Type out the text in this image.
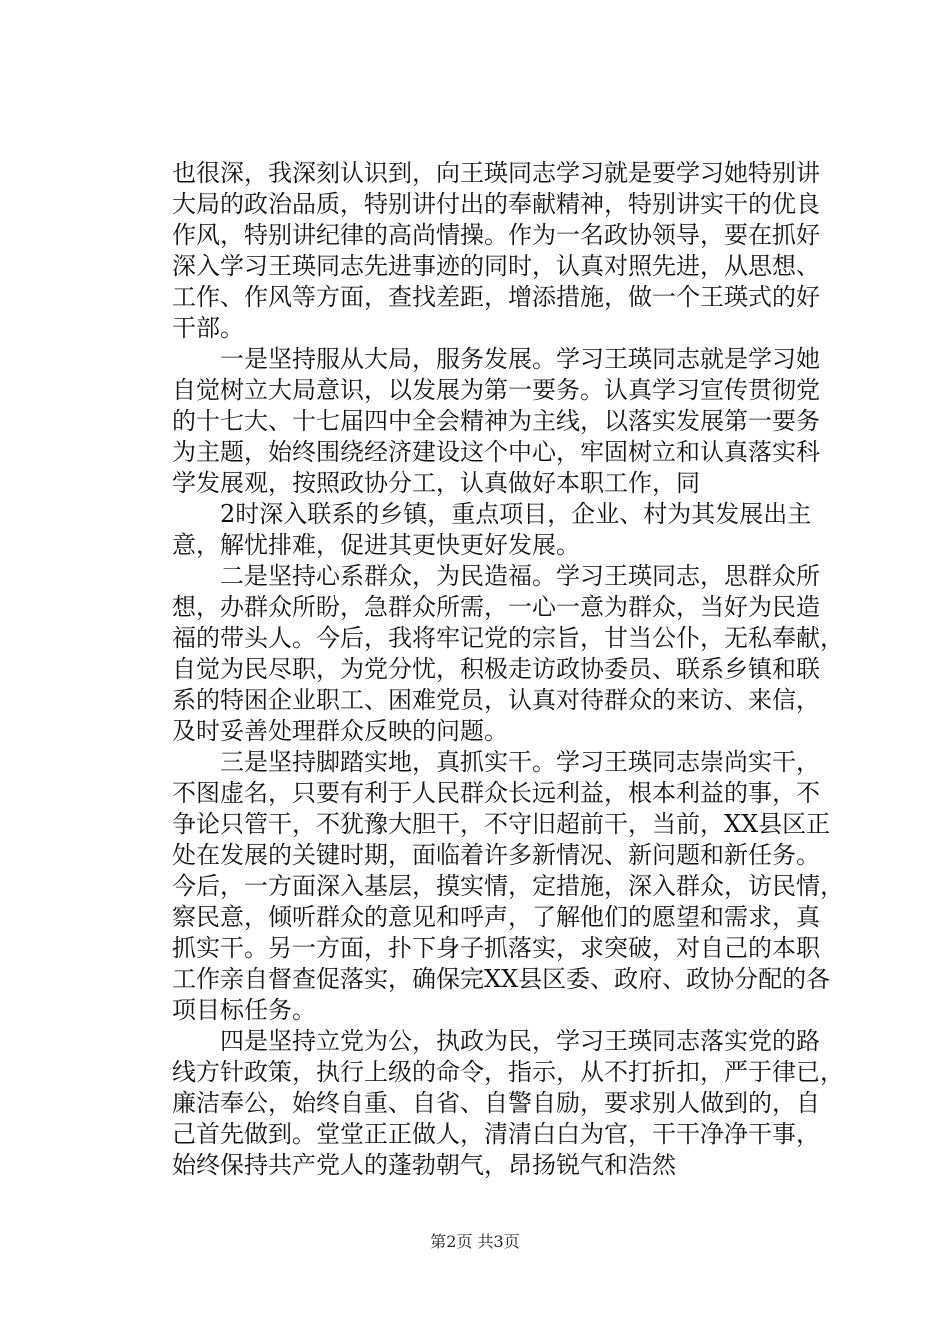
也很深，我深刻认识到，向王瑛同志学习就是要学习她特别讲
大局的政治品质，特别讲付出的奉献精神，特别讲实干的优良
作风，特别讲纪律的高尚情操。作为一名政协领导，要在抓好
深入学习王瑛同志先进事迹的同时，认真对照先进，从思想、
工作、作风等方面，查找差距，增添措施，做一个王瑛式的好
干部。
　　一是坚持服从大局，服务发展。学习王瑛同志就是学习她
自觉树立大局意识，以发展为第一要务。认真学习宣传贯彻党
的十七大、十七届四中全会精神为主线，以落实发展第一要务
为主题，始终围绕经济建设这个中心，牢固树立和认真落实科
学发展观，按照政协分工，认真做好本职工作，同
　　2时深入联系的乡镇，重点项目，企业、村为其发展出主
意，解忧排难，促进其更快更好发展。
　　二是坚持心系群众，为民造福。学习王瑛同志，思群众所
想，办群众所盼，急群众所需，一心一意为群众，当好为民造
福的带头人。今后，我将牢记党的宗旨，甘当公仆，无私奉献，
自觉为民尽职，为党分忧，积极走访政协委员、联系乡镇和联
系的特困企业职工、困难党员，认真对待群众的来访、来信，
及时妥善处理群众反映的问题。
　　三是坚持脚踏实地，真抓实干。学习王瑛同志崇尚实干，
不图虚名，只要有利于人民群众长远利益，根本利益的事，不
争论只管干，不犹豫大胆干，不守旧超前干，当前，XX县区正
处在发展的关键时期，面临着许多新情况、新问题和新任务。
今后，一方面深入基层，摸实情，定措施，深入群众，访民情，
察民意，倾听群众的意见和呼声，了解他们的愿望和需求，真
抓实干。另一方面，扑下身子抓落实，求突破，对自己的本职
工作亲自督查促落实，确保完XX县区委、政府、政协分配的各
项目标任务。
　　四是坚持立党为公，执政为民，学习王瑛同志落实党的路
线方针政策，执行上级的命令，指示，从不打折扣，严于律已，
廉洁奉公，始终自重、自省、自警自励，要求别人做到的，自
己首先做到。堂堂正正做人，清清白白为官，干干净净干事，
始终保持共产党人的蓬勃朝气，昂扬锐气和浩然
第2页 共3页
